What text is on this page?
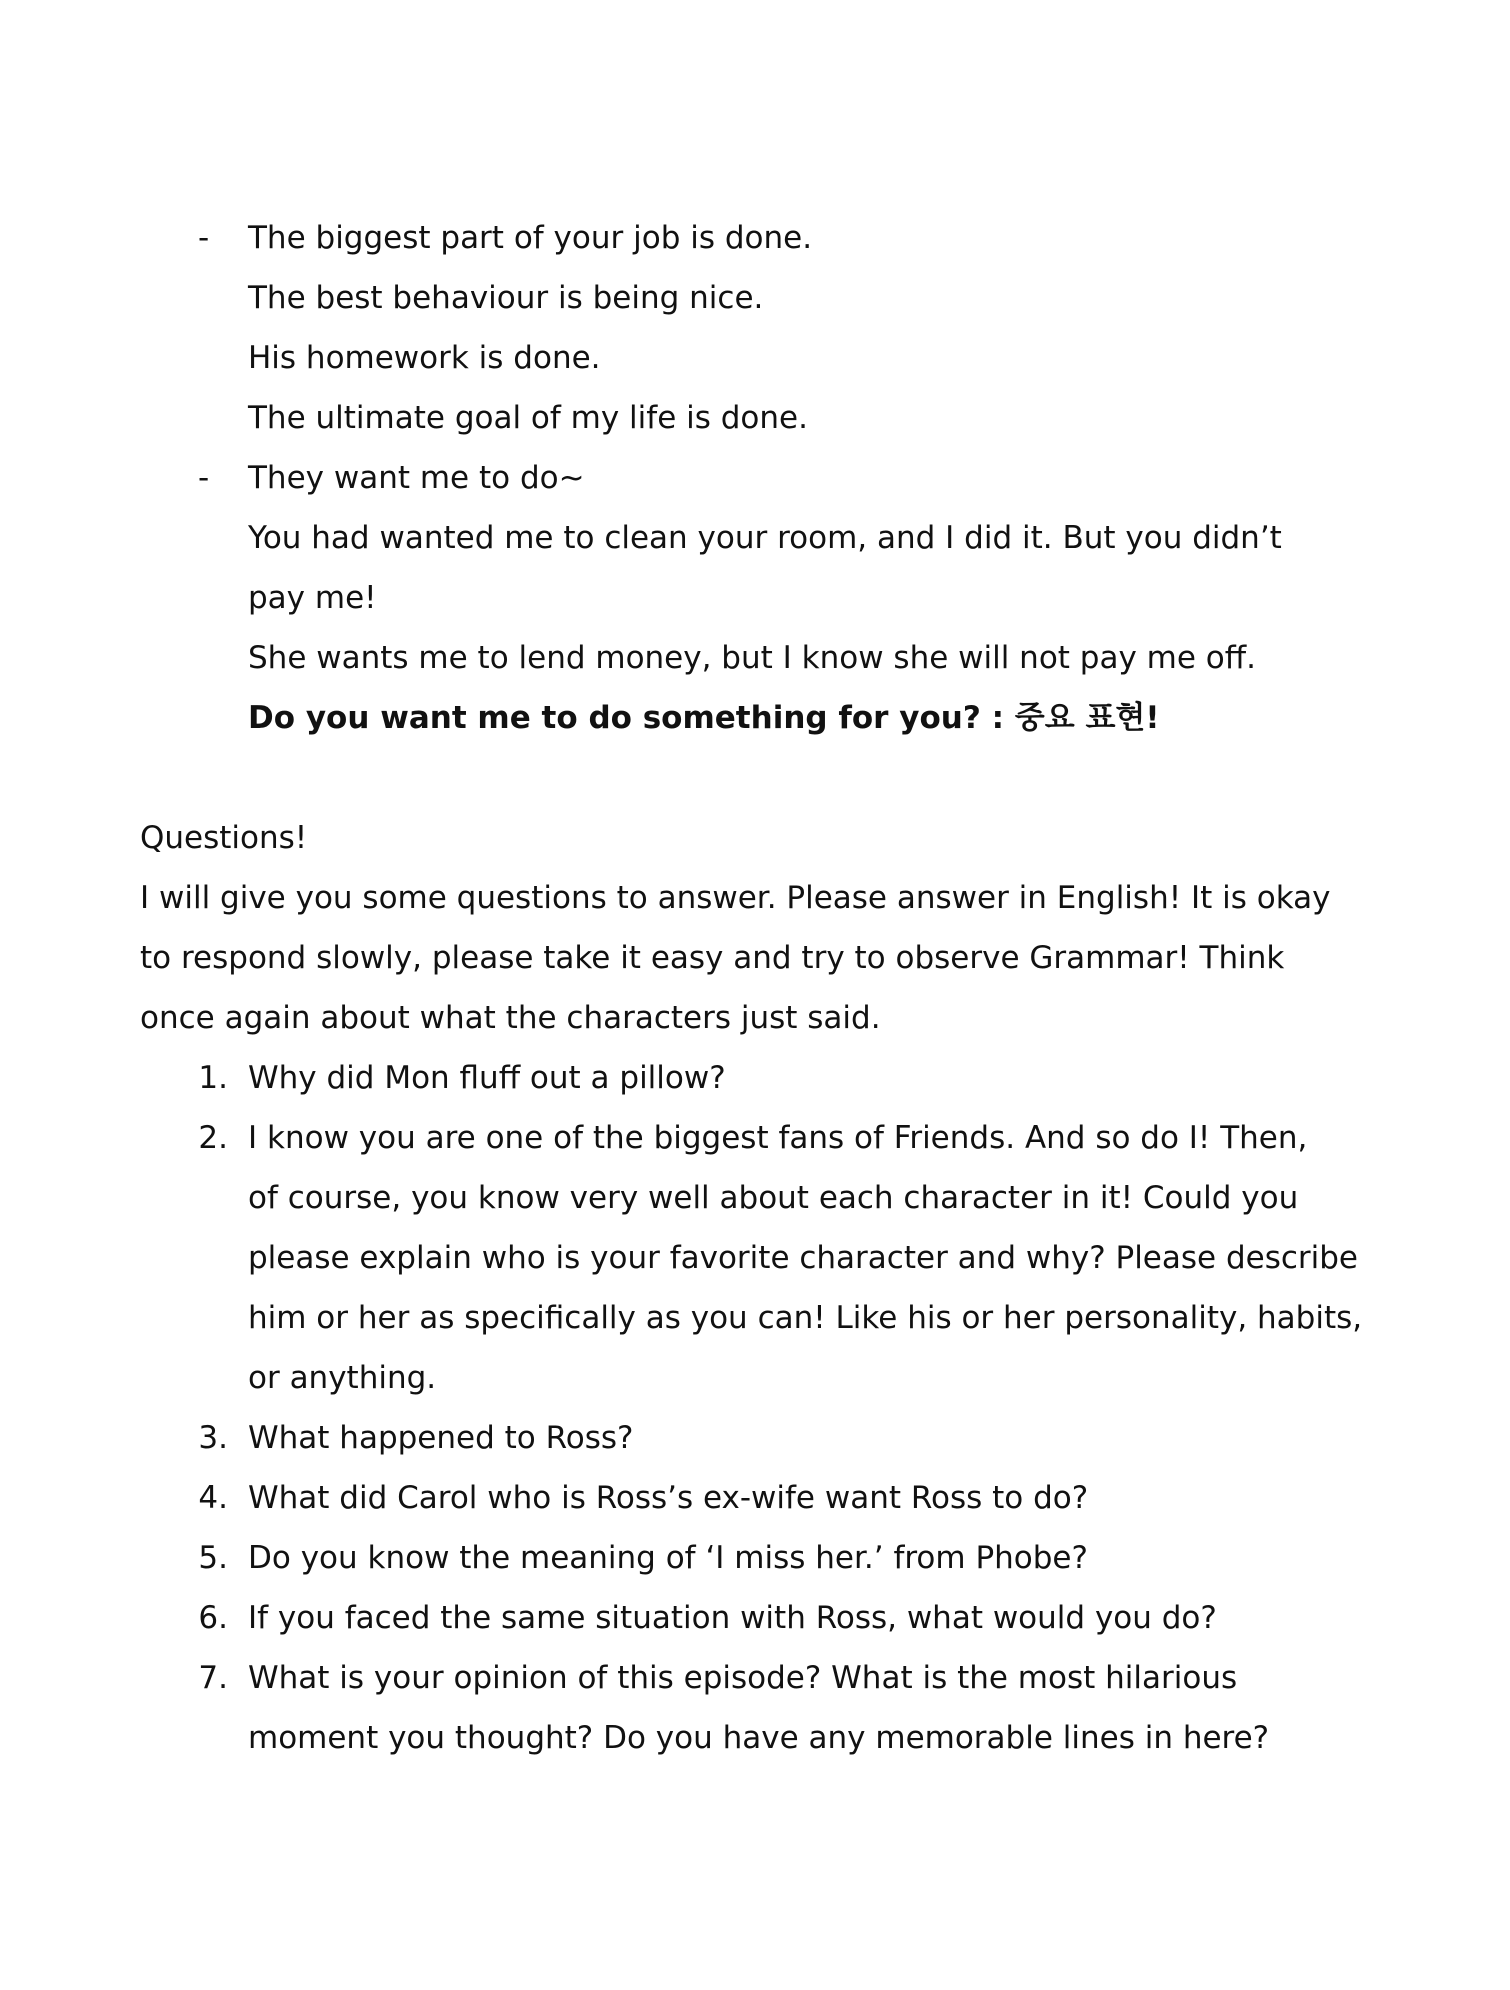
- The biggest part of your job is done.
The best behaviour is being nice.
His homework is done.
The ultimate goal of my life is done.
- They want me to do~
You had wanted me to clean your room, and I did it. But you didn’t
pay me!
She wants me to lend money, but I know she will not pay me off.
Do you want me to do something for you? : 중요 표현!
Questions!
I will give you some questions to answer. Please answer in English! It is okay
to respond slowly, please take it easy and try to observe Grammar! Think
once again about what the characters just said.
1. Why did Mon fluff out a pillow?
2. I know you are one of the biggest fans of Friends. And so do I! Then,
of course, you know very well about each character in it! Could you
please explain who is your favorite character and why? Please describe
him or her as specifically as you can! Like his or her personality, habits,
or anything.
3. What happened to Ross?
4. What did Carol who is Ross’s ex-wife want Ross to do?
5. Do you know the meaning of ‘I miss her.’ from Phobe?
6. If you faced the same situation with Ross, what would you do?
7. What is your opinion of this episode? What is the most hilarious
moment you thought? Do you have any memorable lines in here?
